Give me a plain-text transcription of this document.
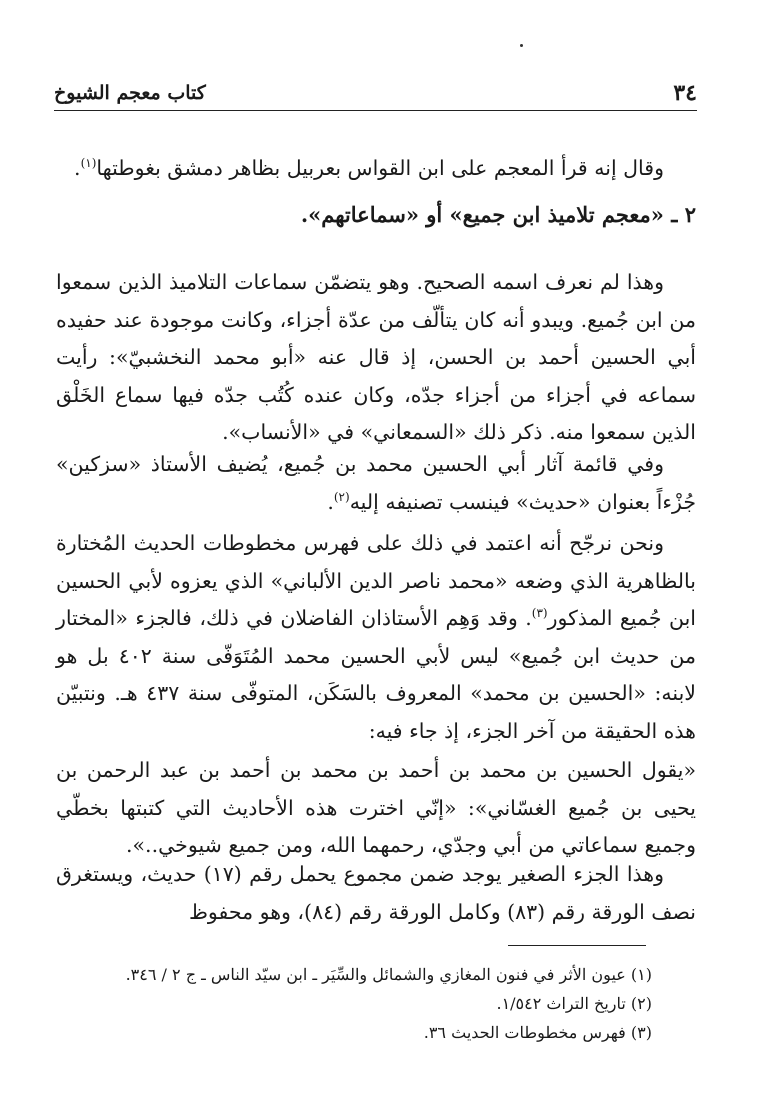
٣٤
كتاب معجم الشيوخ

وقال إنه قرأ المعجم على ابن القواس بعربيل بظاهر دمشق بغوطتها$^{(١)}$.

٢ ـ «معجم تلاميذ ابن جميع» أو «سماعاتهم».

وهذا لم نعرف اسمه الصحيح. وهو يتضمّن سماعات التلاميذ الذين سمعوا من ابن جُميع. ويبدو أنه كان يتألّف من عدّة أجزاء، وكانت موجودة عند حفيده أبي الحسين أحمد بن الحسن، إذ قال عنه «أبو محمد النخشبيّ»: رأيت سماعه في أجزاء من أجزاء جدّه، وكان عنده كُتُب جدّه فيها سماع الخَلْق الذين سمعوا منه. ذكر ذلك «السمعاني» في «الأنساب».

وفي قائمة آثار أبي الحسين محمد بن جُميع، يُضيف الأستاذ «سزكين» جُزْءاً بعنوان «حديث» فينسب تصنيفه إليه$^{(٢)}$.

ونحن نرجّح أنه اعتمد في ذلك على فهرس مخطوطات الحديث المُختارة بالظاهرية الذي وضعه «محمد ناصر الدين الألباني» الذي يعزوه لأبي الحسين ابن جُميع المذكور$^{(٣)}$. وقد وَهِم الأستاذان الفاضلان في ذلك، فالجزء «المختار من حديث ابن جُميع» ليس لأبي الحسين محمد المُتَوَفّى سنة ٤٠٢ بل هو لابنه: «الحسين بن محمد» المعروف بالسَكَن، المتوفّى سنة ٤٣٧ هـ. ونتبيّن هذه الحقيقة من آخر الجزء، إذ جاء فيه:

«يقول الحسين بن محمد بن أحمد بن محمد بن أحمد بن عبد الرحمن بن يحيى بن جُميع الغسّاني»: «إنّي اخترت هذه الأحاديث التي كتبتها بخطّي وجميع سماعاتي من أبي وجدّي، رحمهما الله، ومن جميع شيوخي..».

وهذا الجزء الصغير يوجد ضمن مجموع يحمل رقم (١٧) حديث، ويستغرق نصف الورقة رقم (٨٣) وكامل الورقة رقم (٨٤)، وهو محفوظ

(١) عيون الأثر في فنون المغازي والشمائل والسِّيَر ـ ابن سيّد الناس ـ ج ٢ / ٣٤٦.
(٢) تاريخ التراث ١/٥٤٢.
(٣) فهرس مخطوطات الحديث ٣٦.
